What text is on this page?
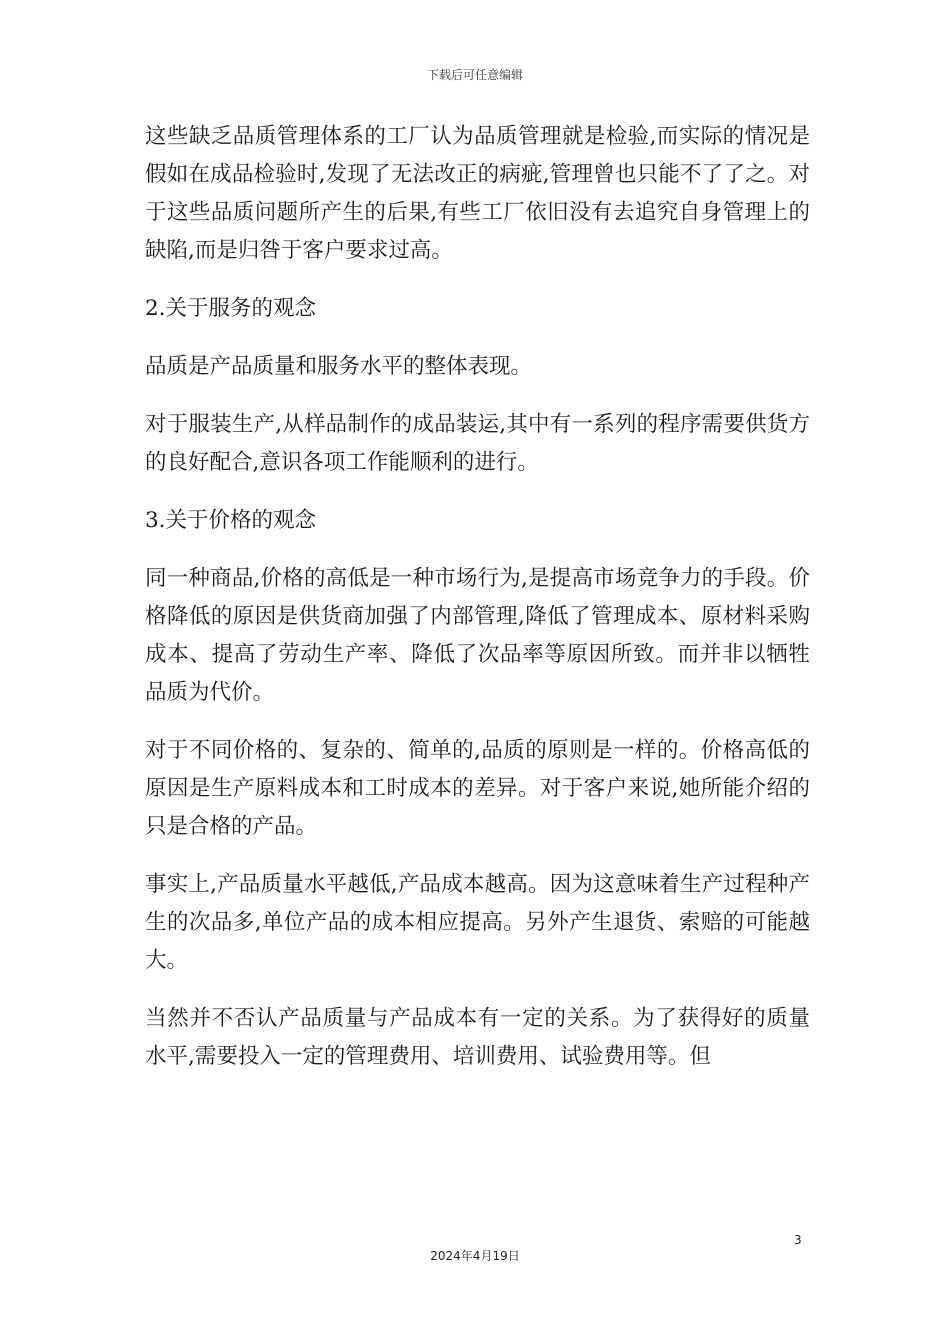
下载后可任意编辑

这些缺乏品质管理体系的工厂认为品质管理就是检验,而实际的情况是假如在成品检验时,发现了无法改正的病疵,管理曾也只能不了了之。对于这些品质问题所产生的后果,有些工厂依旧没有去追究自身管理上的缺陷,而是归咎于客户要求过高。

2.关于服务的观念

品质是产品质量和服务水平的整体表现。

对于服装生产,从样品制作的成品装运,其中有一系列的程序需要供货方的良好配合,意识各项工作能顺利的进行。

3.关于价格的观念

同一种商品,价格的高低是一种市场行为,是提高市场竞争力的手段。价格降低的原因是供货商加强了内部管理,降低了管理成本、原材料采购成本、提高了劳动生产率、降低了次品率等原因所致。而并非以牺牲品质为代价。

对于不同价格的、复杂的、简单的,品质的原则是一样的。价格高低的原因是生产原料成本和工时成本的差异。对于客户来说,她所能介绍的只是合格的产品。

事实上,产品质量水平越低,产品成本越高。因为这意味着生产过程种产生的次品多,单位产品的成本相应提高。另外产生退货、索赔的可能越大。

当然并不否认产品质量与产品成本有一定的关系。为了获得好的质量水平,需要投入一定的管理费用、培训费用、试验费用等。但

3
2024年4月19日
